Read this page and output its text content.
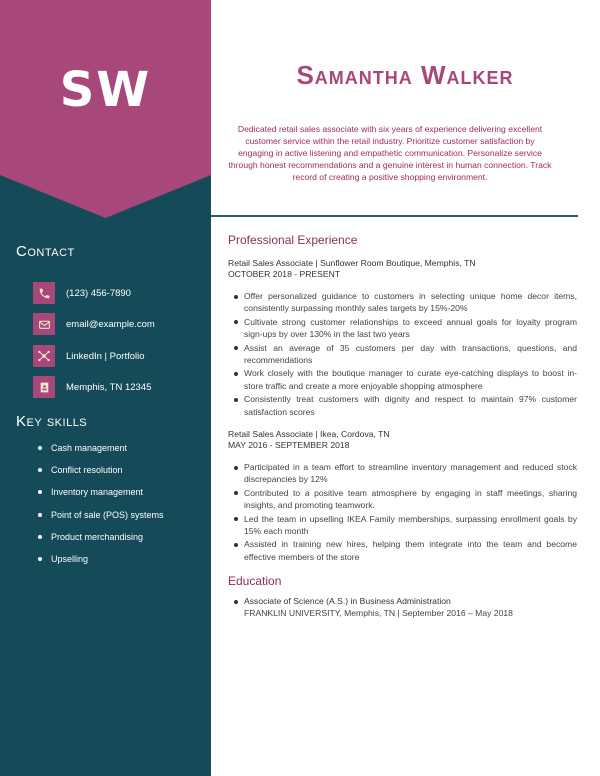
SW
Contact
(123) 456-7890
email@example.com
LinkedIn | Portfolio
Memphis, TN 12345
Key skills
Cash management
Conflict resolution
Inventory management
Point of sale (POS) systems
Product merchandising
Upselling
Samantha Walker
Dedicated retail sales associate with six years of experience delivering excellent customer service within the retail industry. Prioritize customer satisfaction by engaging in active listening and empathetic communication. Personalize service through honest recommendations and a genuine interest in human connection. Track record of creating a positive shopping environment.
Professional Experience
Retail Sales Associate | Sunflower Room Boutique, Memphis, TN
OCTOBER 2018 - PRESENT
Offer personalized guidance to customers in selecting unique home decor items, consistently surpassing monthly sales targets by 15%-20%
Cultivate strong customer relationships to exceed annual goals for loyalty program sign-ups by over 130% in the last two years
Assist an average of 35 customers per day with transactions, questions, and recommendations
Work closely with the boutique manager to curate eye-catching displays to boost in-store traffic and create a more enjoyable shopping atmosphere
Consistently treat customers with dignity and respect to maintain 97% customer satisfaction scores
Retail Sales Associate | Ikea, Cordova, TN
MAY 2016 - SEPTEMBER 2018
Participated in a team effort to streamline inventory management and reduced stock discrepancies by 12%
Contributed to a positive team atmosphere by engaging in staff meetings, sharing insights, and promoting teamwork.
Led the team in upselling IKEA Family memberships, surpassing enrollment goals by 15% each month
Assisted in training new hires, helping them integrate into the team and become effective members of the store
Education
Associate of Science (A.S.) in Business Administration
FRANKLIN UNIVERSITY, Memphis, TN | September 2016 – May 2018
